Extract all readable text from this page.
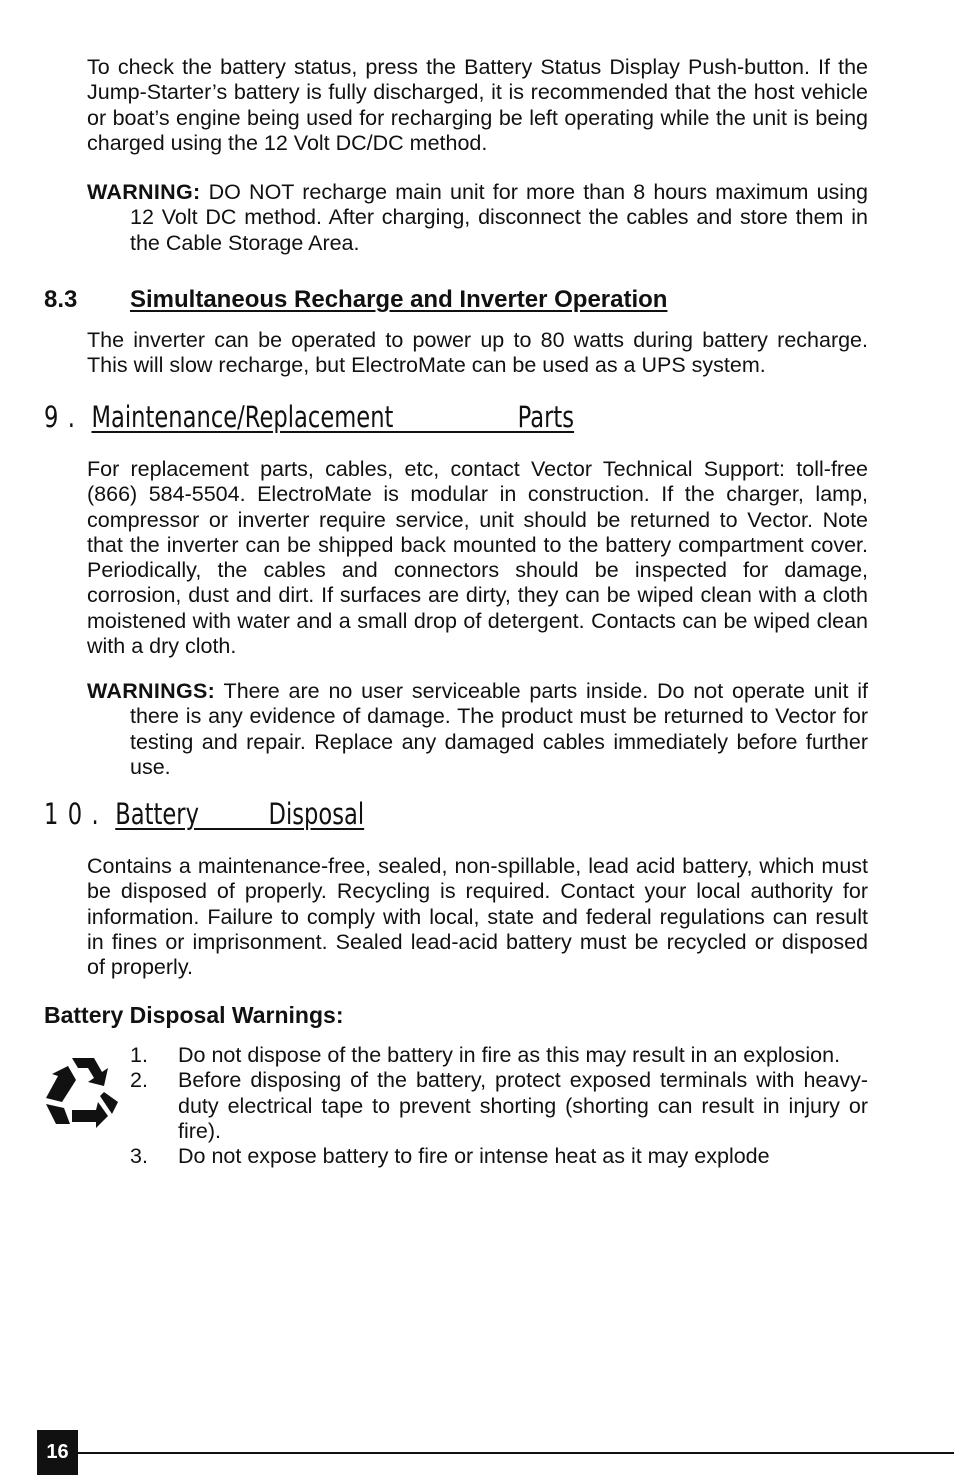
To check the battery status, press the Battery Status Display Push-button. If the Jump-Starter’s battery is fully discharged, it is recommended that the host vehicle or boat’s engine being used for recharging be left operating while the unit is being charged using the 12 Volt DC/DC method.

WARNING: DO NOT recharge main unit for more than 8 hours maximum using 12 Volt DC method. After charging, disconnect the cables and store them in the Cable Storage Area.

8.3 Simultaneous Recharge and Inverter Operation

The inverter can be operated to power up to 80 watts during battery recharge. This will slow recharge, but ElectroMate can be used as a UPS system.

9. Maintenance/Replacement Parts

For replacement parts, cables, etc, contact Vector Technical Support: toll-free (866) 584-5504. ElectroMate is modular in construction. If the charger, lamp, compressor or inverter require service, unit should be returned to Vector. Note that the inverter can be shipped back mounted to the battery compartment cover. Periodically, the cables and connectors should be inspected for damage, corrosion, dust and dirt. If surfaces are dirty, they can be wiped clean with a cloth moistened with water and a small drop of detergent. Contacts can be wiped clean with a dry cloth.

WARNINGS: There are no user serviceable parts inside. Do not operate unit if there is any evidence of damage. The product must be returned to Vector for testing and repair. Replace any damaged cables immediately before further use.

10. Battery Disposal

Contains a maintenance-free, sealed, non-spillable, lead acid battery, which must be disposed of properly. Recycling is required. Contact your local authority for information. Failure to comply with local, state and federal regulations can result in fines or imprisonment. Sealed lead-acid battery must be recycled or disposed of properly.

Battery Disposal Warnings:
1.	Do not dispose of the battery in fire as this may result in an explosion.
2.	Before disposing of the battery, protect exposed terminals with heavy-duty electrical tape to prevent shorting (shorting can result in injury or fire).
3.	Do not expose battery to fire or intense heat as it may explode
16
